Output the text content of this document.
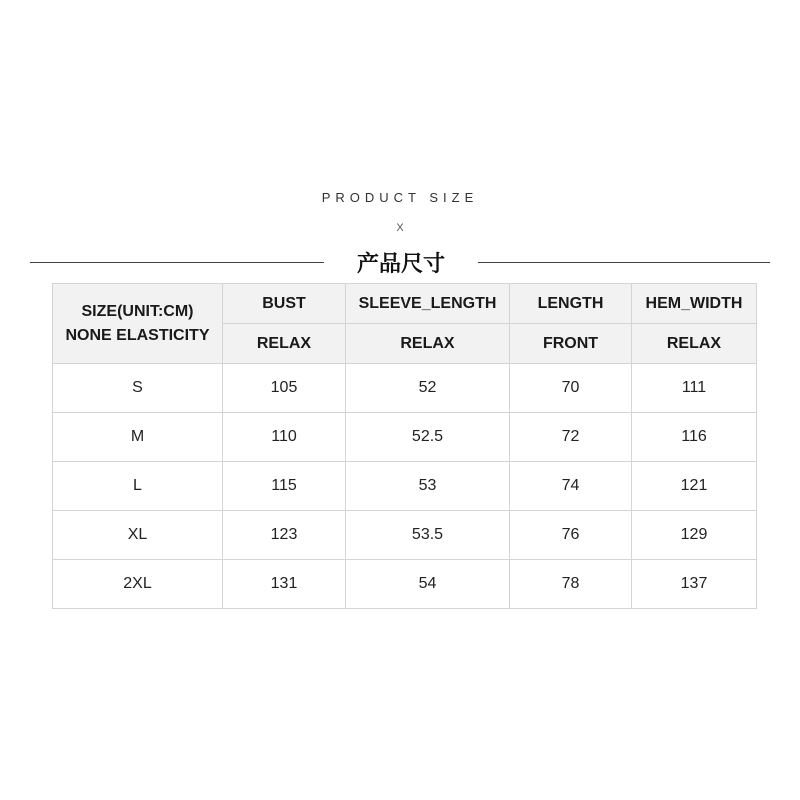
PRODUCT SIZE
X
产品尺寸
SIZE(UNIT:CM)
NONE ELASTICITY	BUST	SLEEVE_LENGTH	LENGTH	HEM_WIDTH
	RELAX	RELAX	FRONT	RELAX
S	105	52	70	111
M	110	52.5	72	116
L	115	53	74	121
XL	123	53.5	76	129
2XL	131	54	78	137
